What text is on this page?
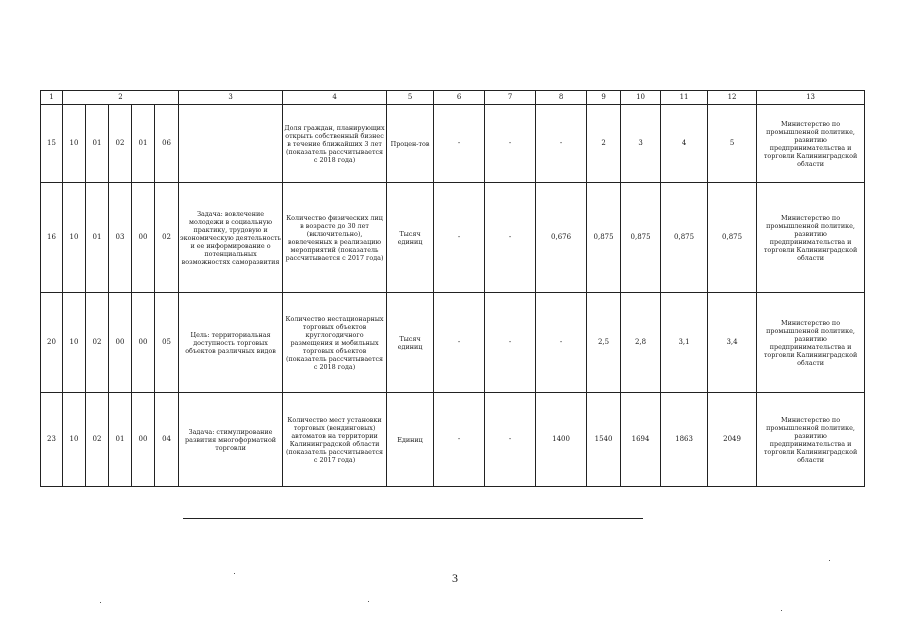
1	2					3	4	5	6	7	8	9	10	11	12	13
15	10	01	02	01	06		Доля граждан, планирующих открыть собственный бизнес в течение ближайших 3 лет (показатель рассчитывается с 2018 года)	Процен-тов	-	-	-	2	3	4	5	Министерство по промышленной политике, развитию предпринимательства и торговли Калининградской области
16	10	01	03	00	02	Задача: вовлечение молодежи в социальную практику, трудовую и экономическую деятельность и ее информирование о потенциальных возможностях саморазвития	Количество физических лиц в возрасте до 30 лет (включительно), вовлеченных в реализацию мероприятий (показатель рассчитывается с 2017 года)	Тысяч единиц	-	-	0,676	0,875	0,875	0,875	0,875	Министерство по промышленной политике, развитию предпринимательства и торговли Калининградской области
20	10	02	00	00	05	Цель: территориальная доступность торговых объектов различных видов	Количество нестационарных торговых объектов круглогодичного размещения и мобильных торговых объектов (показатель рассчитывается с 2018 года)	Тысяч единиц	-	-	-	2,5	2,8	3,1	3,4	Министерство по промышленной политике, развитию предпринимательства и торговли Калининградской области
23	10	02	01	00	04	Задача: стимулирование развития многоформатной торговли	Количество мест установки торговых (вендинговых) автоматов на территории Калининградской области (показатель рассчитывается с 2017 года)	Единиц	-	-	1400	1540	1694	1863	2049	Министерство по промышленной политике, развитию предпринимательства и торговли Калининградской области
3
